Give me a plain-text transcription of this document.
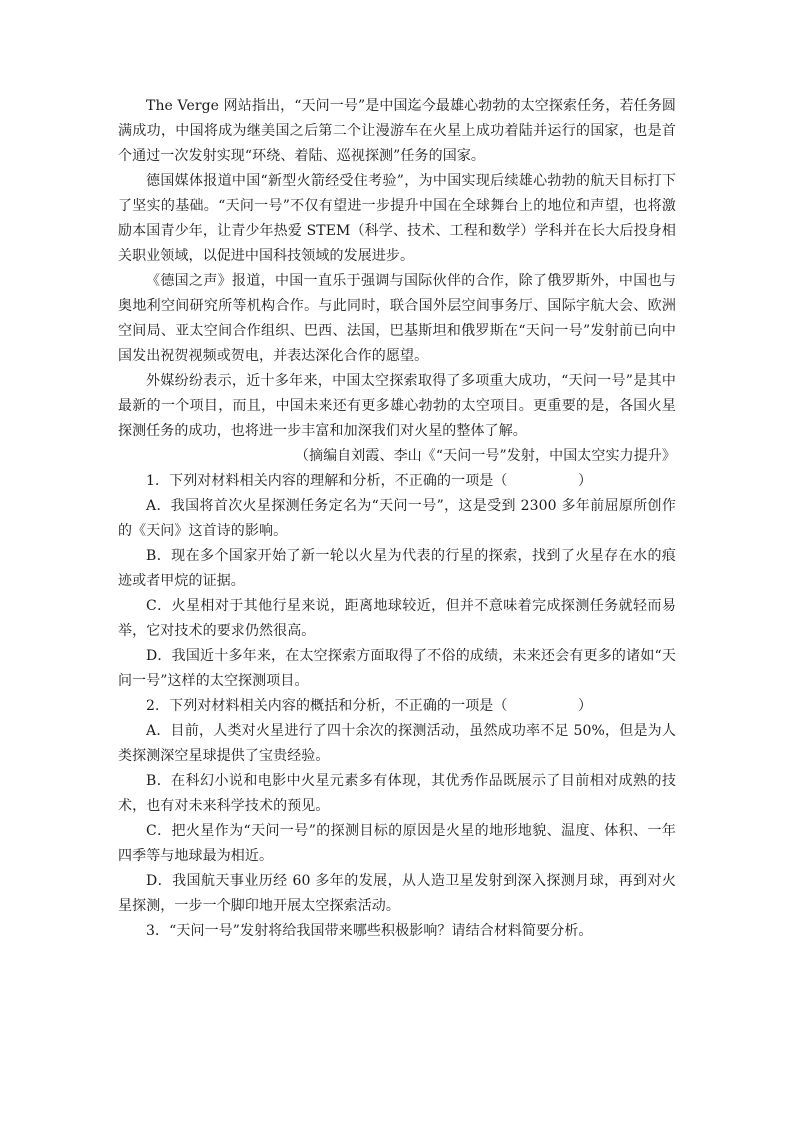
The Verge 网站指出，“天问一号”是中国迄今最雄心勃勃的太空探索任务，若任务圆满成功，中国将成为继美国之后第二个让漫游车在火星上成功着陆并运行的国家，也是首个通过一次发射实现“环绕、着陆、巡视探测”任务的国家。

德国媒体报道中国“新型火箭经受住考验”，为中国实现后续雄心勃勃的航天目标打下了坚实的基础。“天问一号”不仅有望进一步提升中国在全球舞台上的地位和声望，也将激励本国青少年，让青少年热爱 STEM（科学、技术、工程和数学）学科并在长大后投身相关职业领域，以促进中国科技领域的发展进步。

《德国之声》报道，中国一直乐于强调与国际伙伴的合作，除了俄罗斯外，中国也与奥地利空间研究所等机构合作。与此同时，联合国外层空间事务厅、国际宇航大会、欧洲空间局、亚太空间合作组织、巴西、法国，巴基斯坦和俄罗斯在“天问一号”发射前已向中国发出祝贺视频或贺电，并表达深化合作的愿望。

外媒纷纷表示，近十多年来，中国太空探索取得了多项重大成功，“天问一号”是其中最新的一个项目，而且，中国未来还有更多雄心勃勃的太空项目。更重要的是，各国火星探测任务的成功，也将进一步丰富和加深我们对火星的整体了解。

（摘编自刘霞、李山《“天问一号”发射，中国太空实力提升》

1．下列对材料相关内容的理解和分析，不正确的一项是（　　　　　）

A．我国将首次火星探测任务定名为“天问一号”，这是受到 2300 多年前屈原所创作的《天问》这首诗的影响。

B．现在多个国家开始了新一轮以火星为代表的行星的探索，找到了火星存在水的痕迹或者甲烷的证据。

C．火星相对于其他行星来说，距离地球较近，但并不意味着完成探测任务就轻而易举，它对技术的要求仍然很高。

D．我国近十多年来，在太空探索方面取得了不俗的成绩，未来还会有更多的诸如“天问一号”这样的太空探测项目。

2．下列对材料相关内容的概括和分析，不正确的一项是（　　　　　）

A．目前，人类对火星进行了四十余次的探测活动，虽然成功率不足 50%，但是为人类探测深空星球提供了宝贵经验。

B．在科幻小说和电影中火星元素多有体现，其优秀作品既展示了目前相对成熟的技术，也有对未来科学技术的预见。

C．把火星作为“天问一号”的探测目标的原因是火星的地形地貌、温度、体积、一年四季等与地球最为相近。

D．我国航天事业历经 60 多年的发展，从人造卫星发射到深入探测月球，再到对火星探测，一步一个脚印地开展太空探索活动。

3．“天问一号”发射将给我国带来哪些积极影响？请结合材料简要分析。
